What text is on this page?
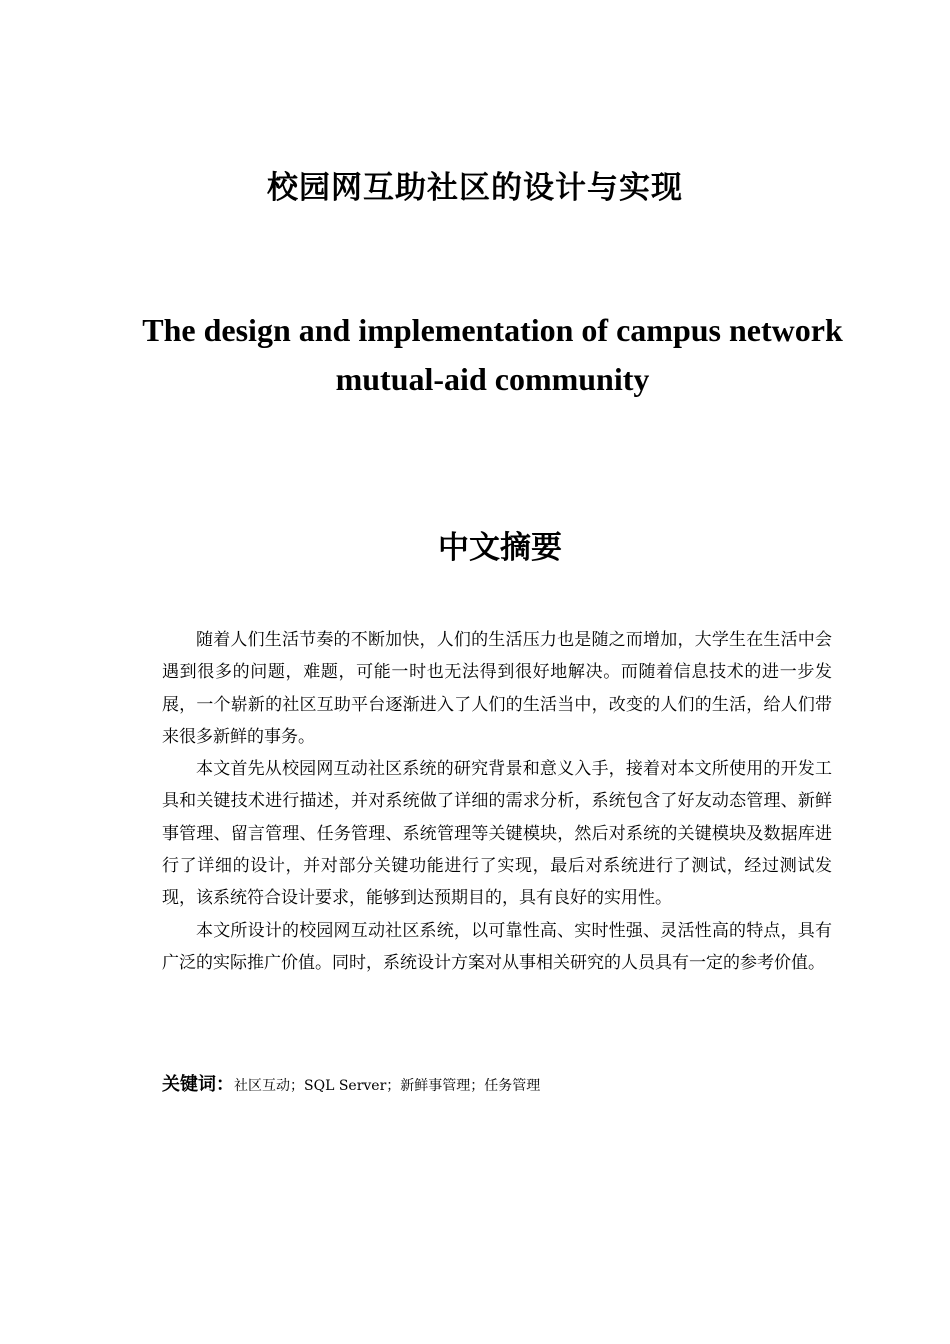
校园网互助社区的设计与实现
The design and implementation of campus network mutual-aid community
中文摘要

随着人们生活节奏的不断加快，人们的生活压力也是随之而增加，大学生在生活中会遇到很多的问题，难题，可能一时也无法得到很好地解决。而随着信息技术的进一步发展，一个崭新的社区互助平台逐渐进入了人们的生活当中，改变的人们的生活，给人们带来很多新鲜的事务。

本文首先从校园网互动社区系统的研究背景和意义入手，接着对本文所使用的开发工具和关键技术进行描述，并对系统做了详细的需求分析，系统包含了好友动态管理、新鲜事管理、留言管理、任务管理、系统管理等关键模块，然后对系统的关键模块及数据库进行了详细的设计，并对部分关键功能进行了实现，最后对系统进行了测试，经过测试发现，该系统符合设计要求，能够到达预期目的，具有良好的实用性。

本文所设计的校园网互动社区系统，以可靠性高、实时性强、灵活性高的特点，具有广泛的实际推广价值。同时，系统设计方案对从事相关研究的人员具有一定的参考价值。

关键词：社区互动；SQL Server；新鲜事管理；任务管理
